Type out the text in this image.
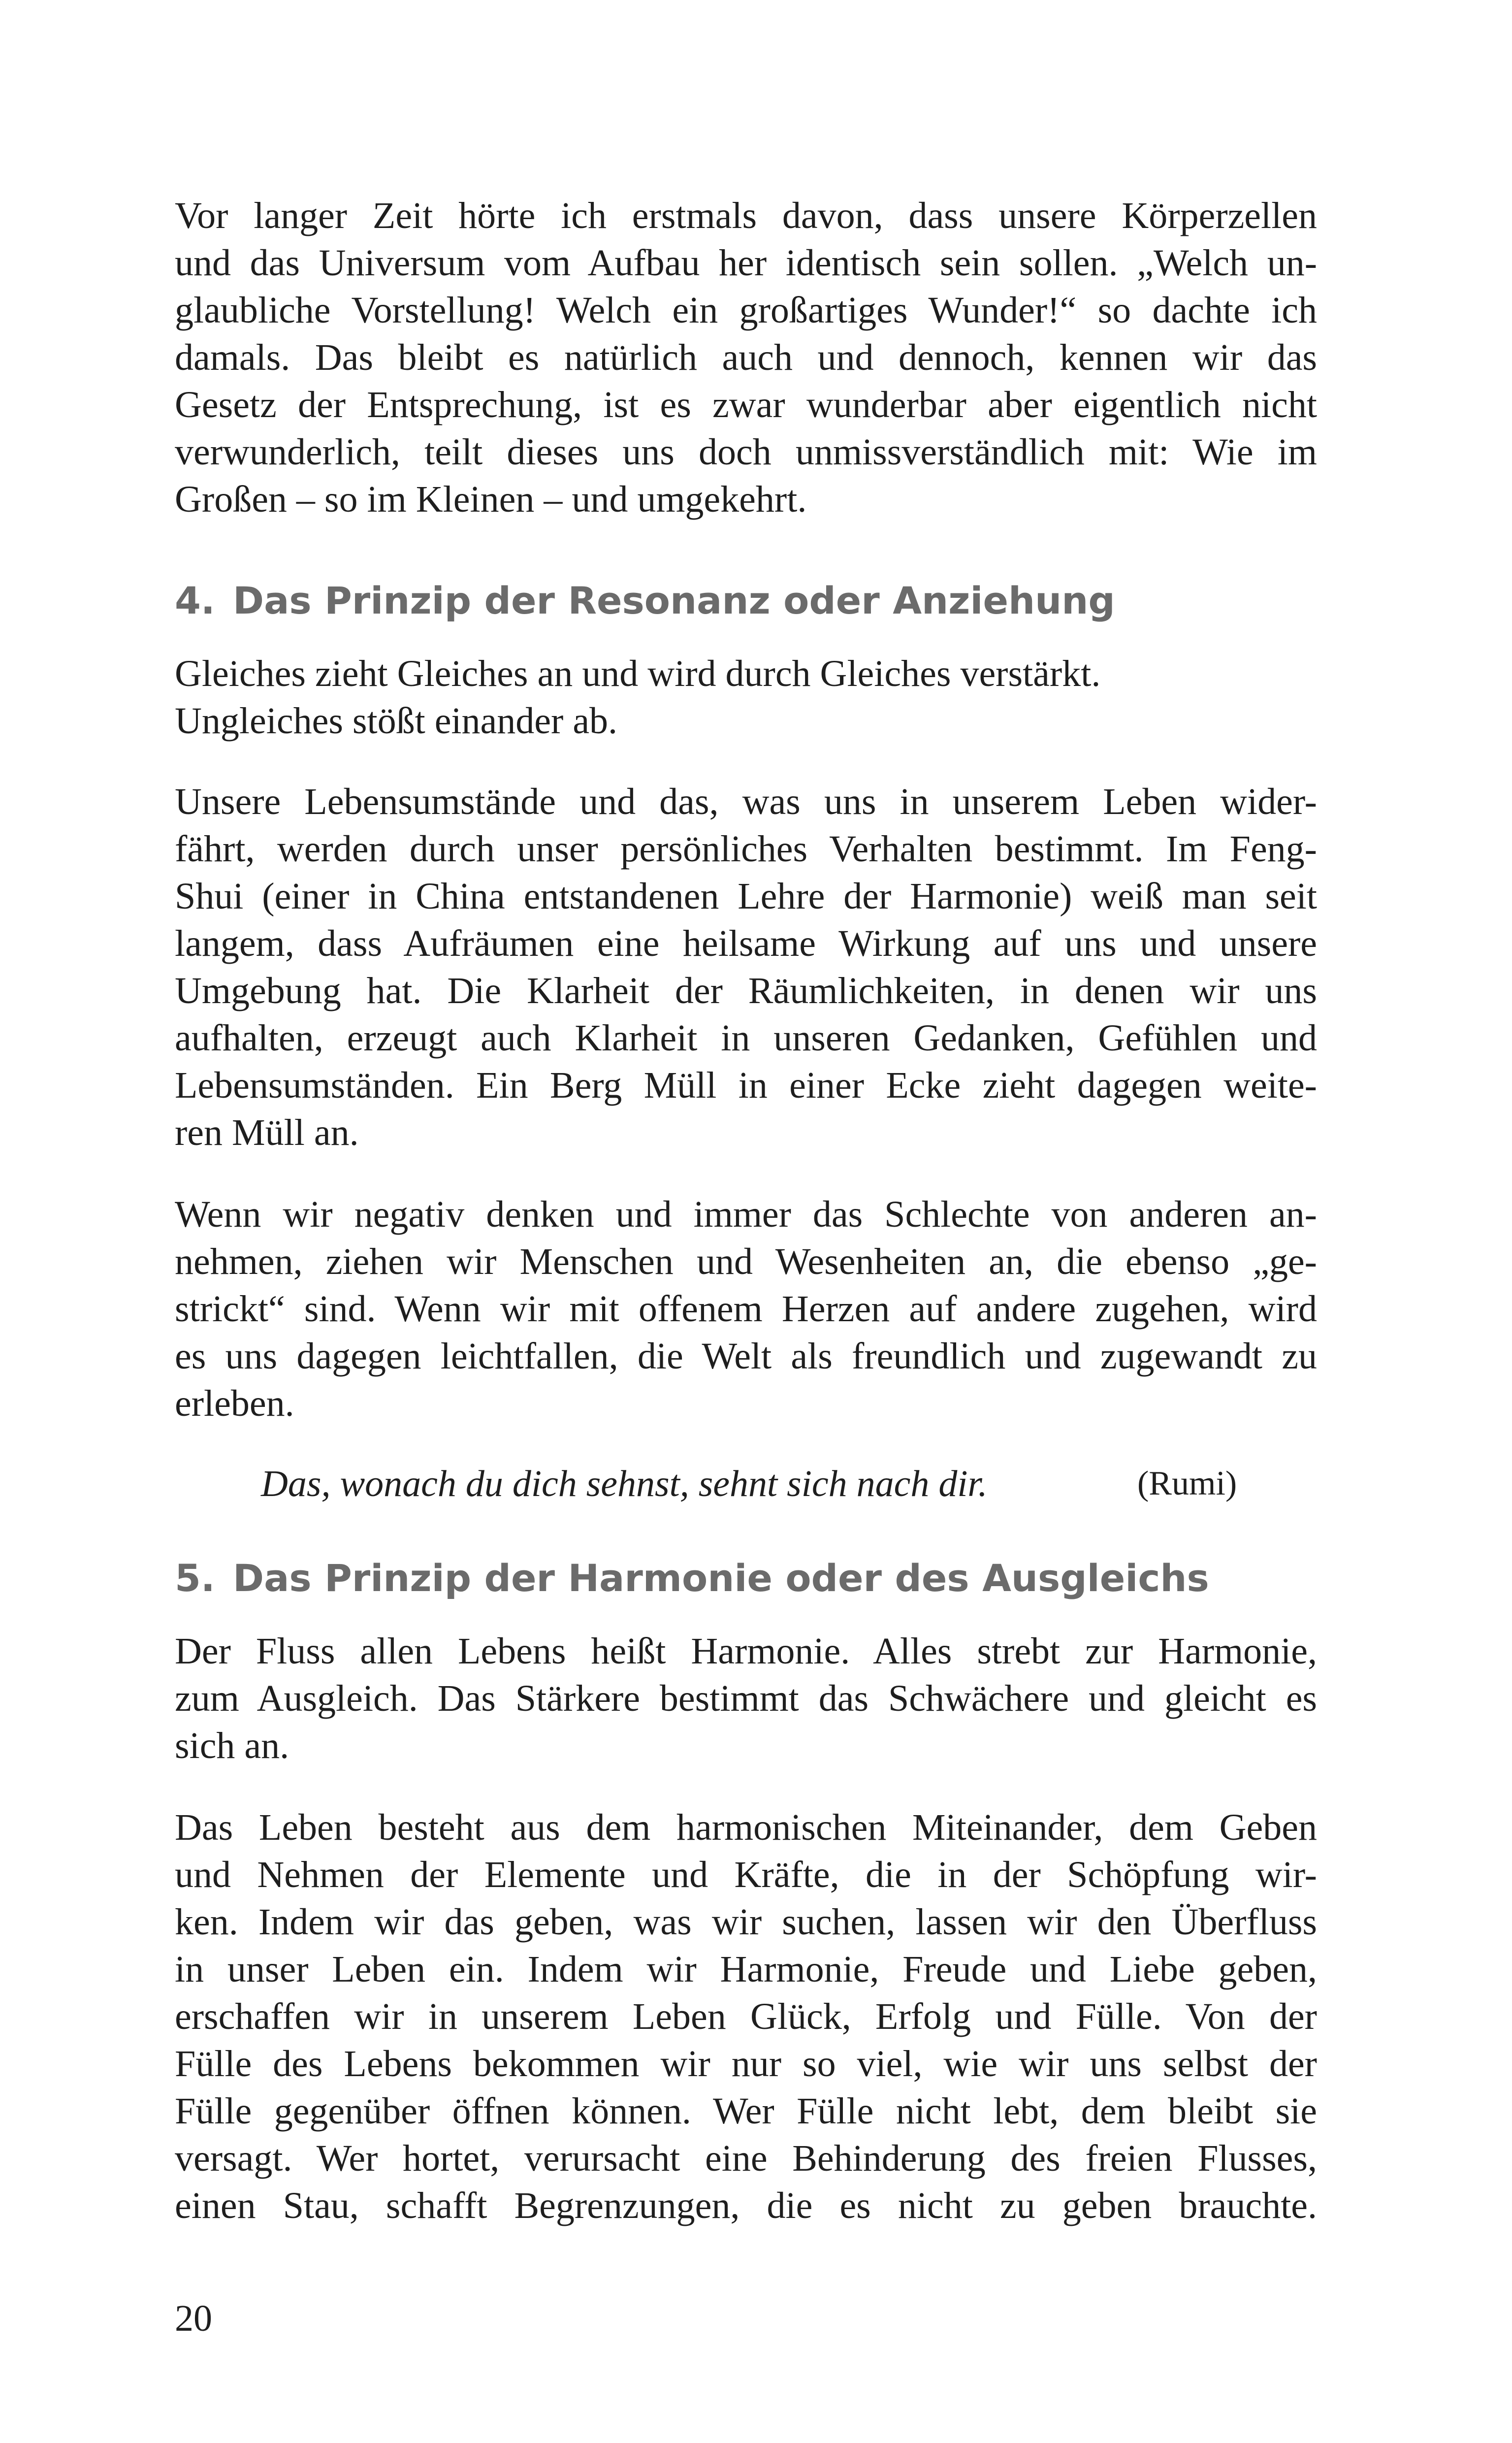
Vor langer Zeit hörte ich erstmals davon, dass unsere Körperzellen
und das Universum vom Aufbau her identisch sein sollen. „Welch un-
glaubliche Vorstellung! Welch ein großartiges Wunder!“ so dachte ich
damals. Das bleibt es natürlich auch und dennoch, kennen wir das
Gesetz der Entsprechung, ist es zwar wunderbar aber eigentlich nicht
verwunderlich, teilt dieses uns doch unmissverständlich mit: Wie im
Großen – so im Kleinen – und umgekehrt.
4. Das Prinzip der Resonanz oder Anziehung
Gleiches zieht Gleiches an und wird durch Gleiches verstärkt.
Ungleiches stößt einander ab.
Unsere Lebensumstände und das, was uns in unserem Leben wider-
fährt, werden durch unser persönliches Verhalten bestimmt. Im Feng-
Shui (einer in China entstandenen Lehre der Harmonie) weiß man seit
langem, dass Aufräumen eine heilsame Wirkung auf uns und unsere
Umgebung hat. Die Klarheit der Räumlichkeiten, in denen wir uns
aufhalten, erzeugt auch Klarheit in unseren Gedanken, Gefühlen und
Lebensumständen. Ein Berg Müll in einer Ecke zieht dagegen weite-
ren Müll an.
Wenn wir negativ denken und immer das Schlechte von anderen an-
nehmen, ziehen wir Menschen und Wesenheiten an, die ebenso „ge-
strickt“ sind. Wenn wir mit offenem Herzen auf andere zugehen, wird
es uns dagegen leichtfallen, die Welt als freundlich und zugewandt zu
erleben.
Das, wonach du dich sehnst, sehnt sich nach dir.	(Rumi)
5. Das Prinzip der Harmonie oder des Ausgleichs
Der Fluss allen Lebens heißt Harmonie. Alles strebt zur Harmonie,
zum Ausgleich. Das Stärkere bestimmt das Schwächere und gleicht es
sich an.
Das Leben besteht aus dem harmonischen Miteinander, dem Geben
und Nehmen der Elemente und Kräfte, die in der Schöpfung wir-
ken. Indem wir das geben, was wir suchen, lassen wir den Überfluss
in unser Leben ein. Indem wir Harmonie, Freude und Liebe geben,
erschaffen wir in unserem Leben Glück, Erfolg und Fülle. Von der
Fülle des Lebens bekommen wir nur so viel, wie wir uns selbst der
Fülle gegenüber öffnen können. Wer Fülle nicht lebt, dem bleibt sie
versagt. Wer hortet, verursacht eine Behinderung des freien Flusses,
einen Stau, schafft Begrenzungen, die es nicht zu geben brauchte.
20
